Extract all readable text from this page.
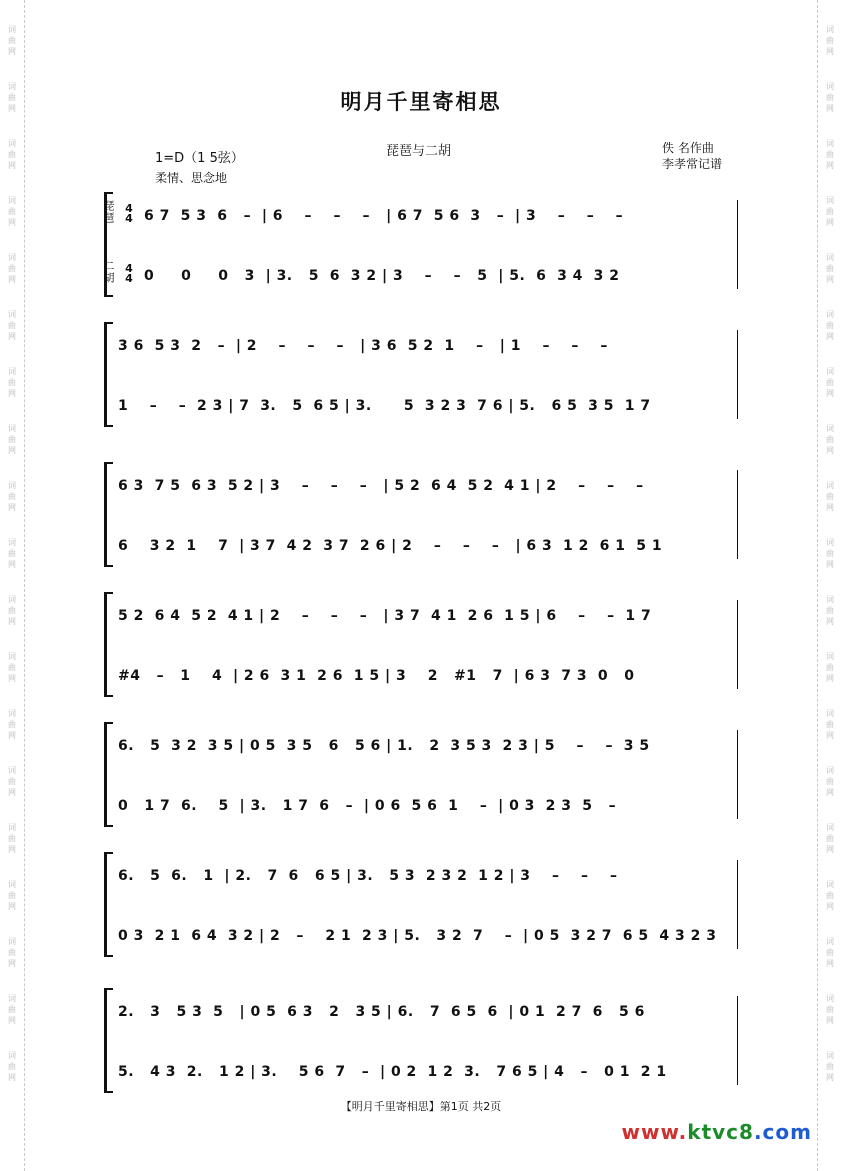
词曲网
词曲网
词曲网
词曲网
词曲网
词曲网
词曲网
词曲网
词曲网
词曲网
词曲网
词曲网
词曲网
词曲网
词曲网
词曲网
词曲网
词曲网
词曲网
词曲网
词曲网
词曲网
词曲网
词曲网
词曲网
词曲网
词曲网
词曲网
词曲网
词曲网
词曲网
词曲网
词曲网
词曲网
词曲网
词曲网
词曲网
词曲网
明月千里寄相思
1=D（1 5弦）
柔情、思念地
琵琶与二胡	佚 名作曲
李孝常记谱
6 7  5 3  6   –  | 6    –    –    –   | 6 7  5 6  3   –  | 3    –    –    –
0     0     0   3  | 3.   5  6  3 2 | 3    –    –   5  | 5.  6  3 4  3 2
琵琶
二胡
4
4
4
4
3 6  5 3  2   –  | 2    –    –    –   | 3 6  5 2  1    –   | 1    –    –    –
1    –    –  2 3 | 7  3.   5  6 5 | 3.      5  3 2 3  7 6 | 5.   6 5  3 5  1 7
6 3  7 5  6 3  5 2 | 3    –    –    –   | 5 2  6 4  5 2  4 1 | 2    –    –    –
6    3 2  1    7  | 3 7  4 2  3 7  2 6 | 2    –    –    –   | 6 3  1 2  6 1  5 1
5 2  6 4  5 2  4 1 | 2    –    –    –   | 3 7  4 1  2 6  1 5 | 6    –    –  1 7
#4   –   1    4  | 2 6  3 1  2 6  1 5 | 3    2   #1   7  | 6 3  7 3  0   0
6.   5  3 2  3 5 | 0 5  3 5   6   5 6 | 1.   2  3 5 3  2 3 | 5    –    –  3 5
0   1 7  6.    5  | 3.   1 7  6   –  | 0 6  5 6  1    –  | 0 3  2 3  5   –
6.   5  6.   1  | 2.   7  6   6 5 | 3.   5 3  2 3 2  1 2 | 3    –    –    –
0 3  2 1  6 4  3 2 | 2   –    2 1  2 3 | 5.   3 2  7    –  | 0 5  3 2 7  6 5  4 3 2 3
2.   3   5 3  5   | 0 5  6 3   2   3 5 | 6.   7  6 5  6  | 0 1  2 7  6   5 6
5.   4 3  2.   1 2 | 3.    5 6  7   –  | 0 2  1 2  3.   7 6 5 | 4   –   0 1  2 1
【明月千里寄相思】第1页 共2页
www.ktvc8.com
